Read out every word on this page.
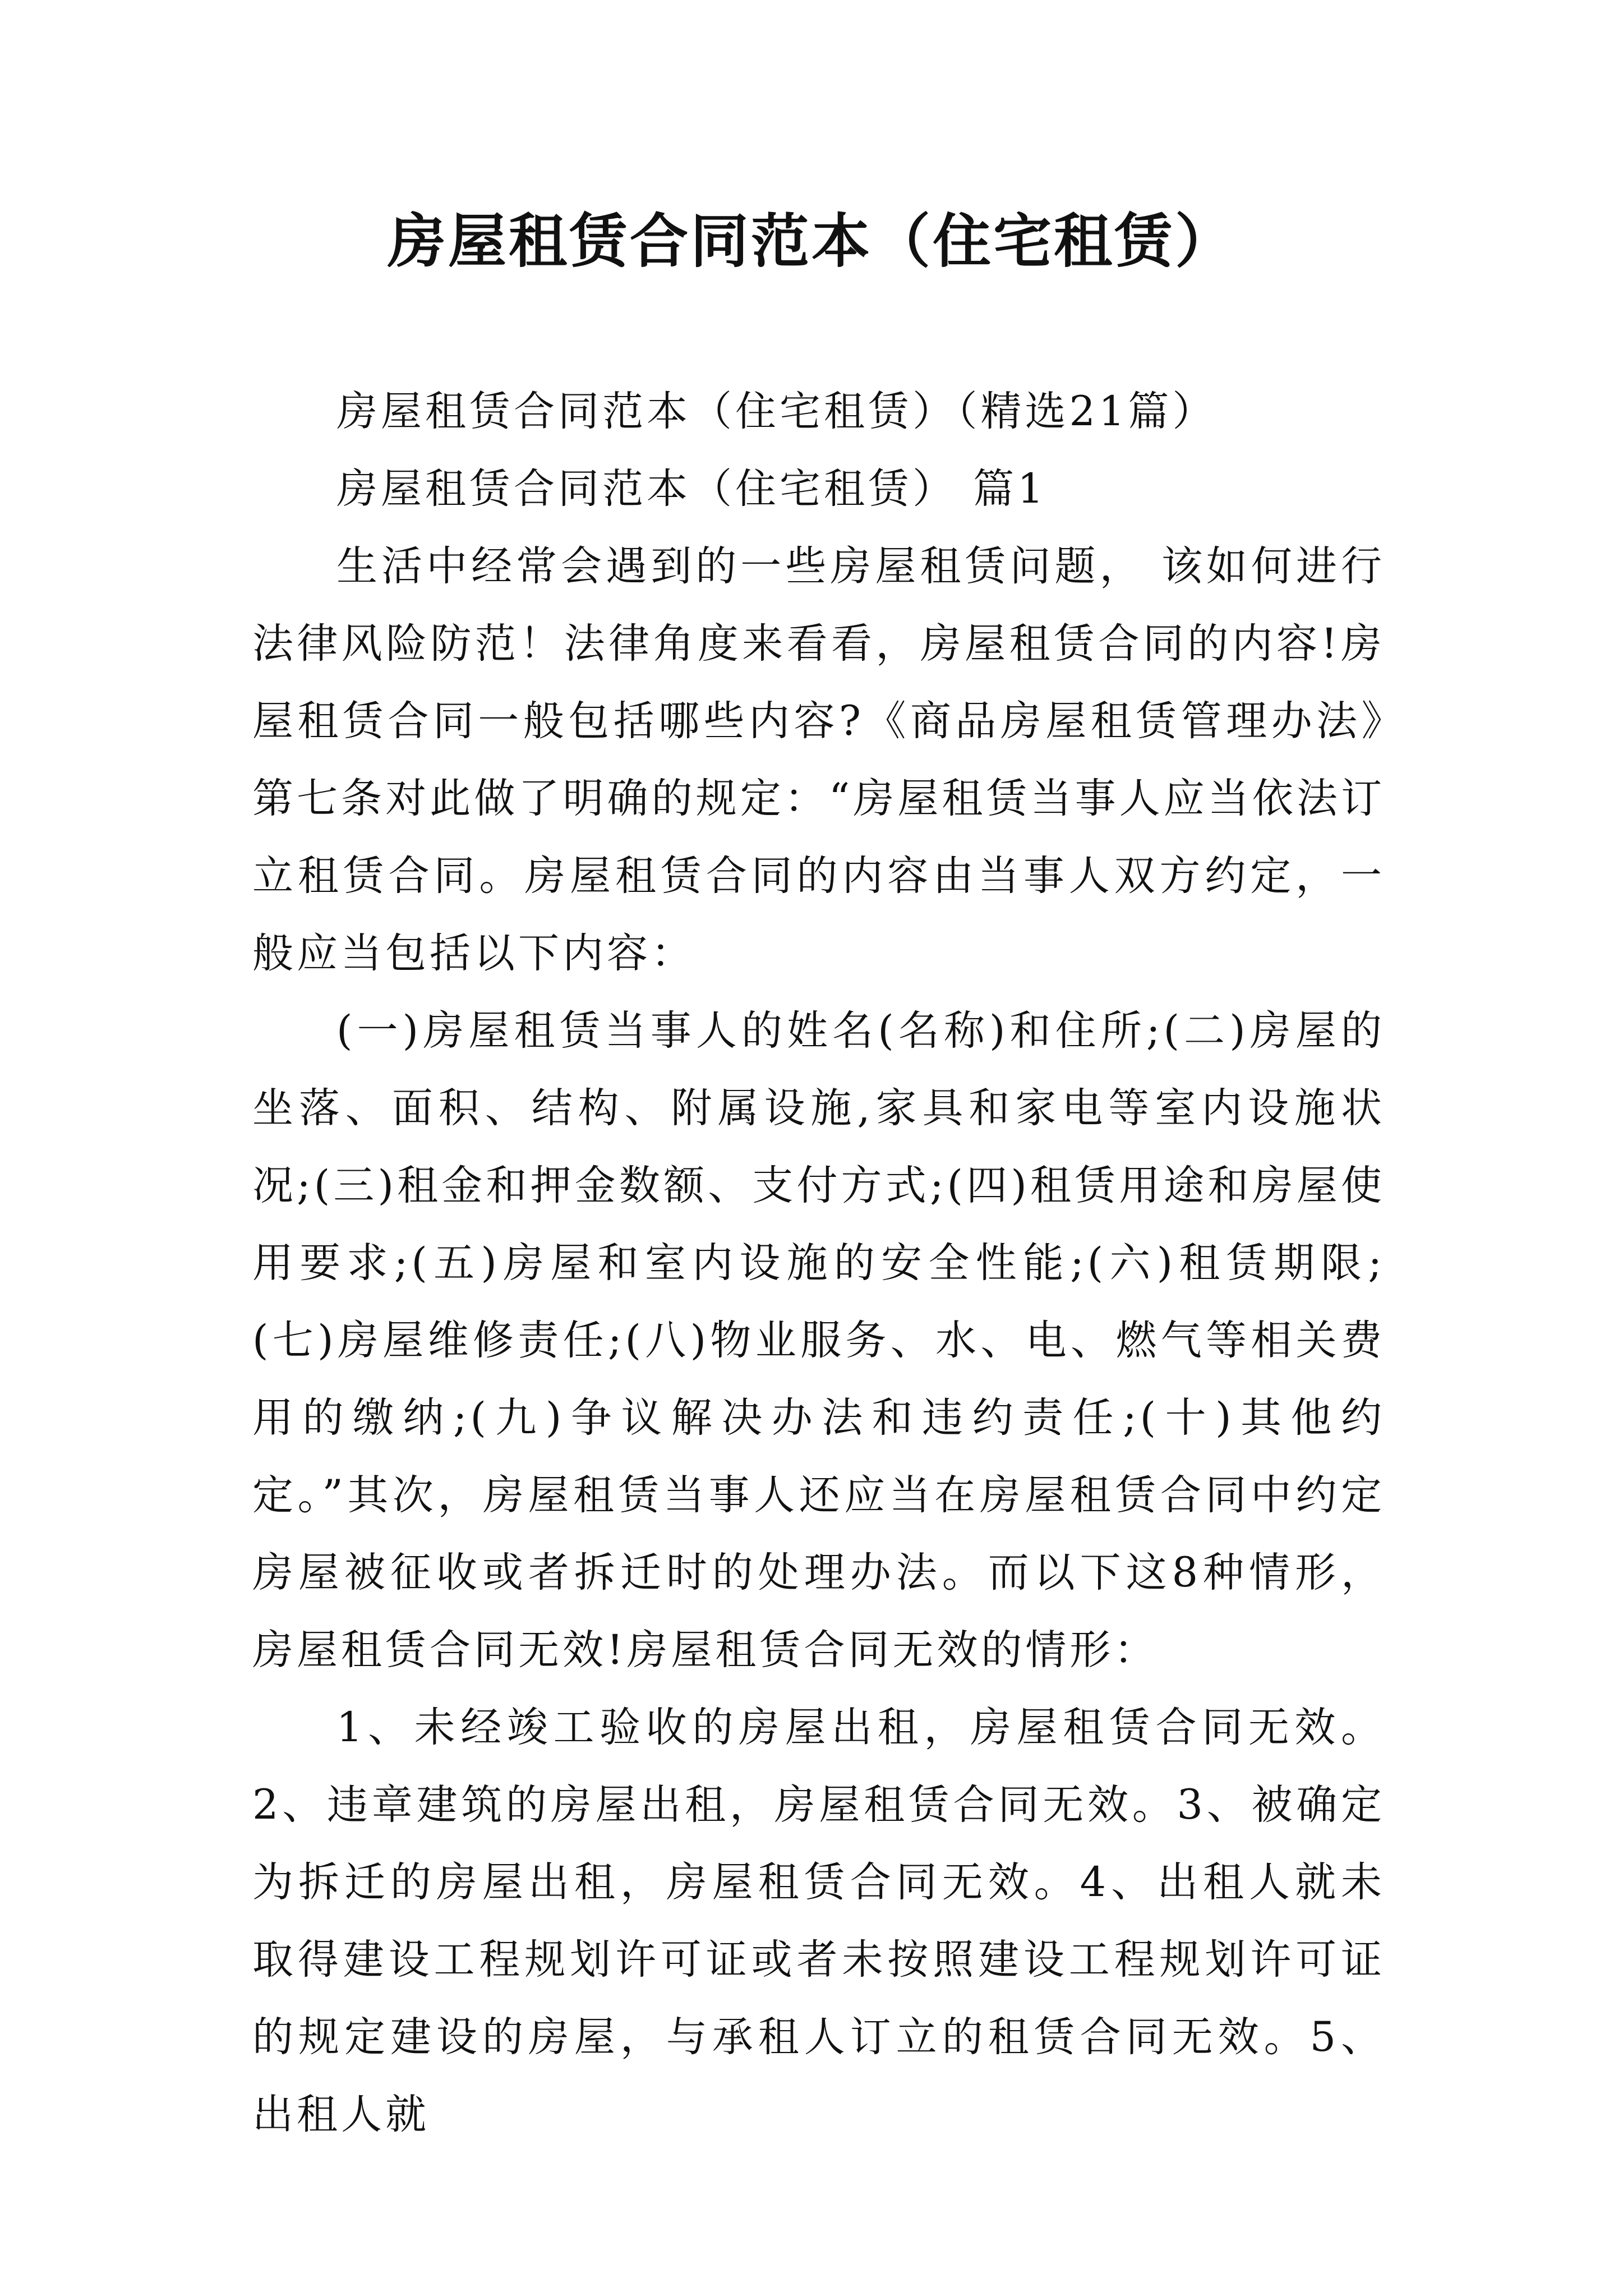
房屋租赁合同范本（住宅租赁）

房屋租赁合同范本（住宅租赁）（精选21篇）

房屋租赁合同范本（住宅租赁） 篇1

生活中经常会遇到的一些房屋租赁问题， 该如何进行法律风险防范！法律角度来看看，房屋租赁合同的内容!房屋租赁合同一般包括哪些内容?《商品房屋租赁管理办法》第七条对此做了明确的规定：“房屋租赁当事人应当依法订立租赁合同。房屋租赁合同的内容由当事人双方约定，一般应当包括以下内容：

(一)房屋租赁当事人的姓名(名称)和住所;(二)房屋的坐落、面积、结构、附属设施,家具和家电等室内设施状况;(三)租金和押金数额、支付方式;(四)租赁用途和房屋使用要求;(五)房屋和室内设施的安全性能;(六)租赁期限;(七)房屋维修责任;(八)物业服务、水、电、燃气等相关费用的缴纳;(九)争议解决办法和违约责任;(十)其他约定。”其次，房屋租赁当事人还应当在房屋租赁合同中约定房屋被征收或者拆迁时的处理办法。而以下这8种情形，房屋租赁合同无效!房屋租赁合同无效的情形：

1、未经竣工验收的房屋出租，房屋租赁合同无效。2、违章建筑的房屋出租，房屋租赁合同无效。3、被确定为拆迁的房屋出租，房屋租赁合同无效。4、出租人就未取得建设工程规划许可证或者未按照建设工程规划许可证的规定建设的房屋，与承租人订立的租赁合同无效。5、出租人就
